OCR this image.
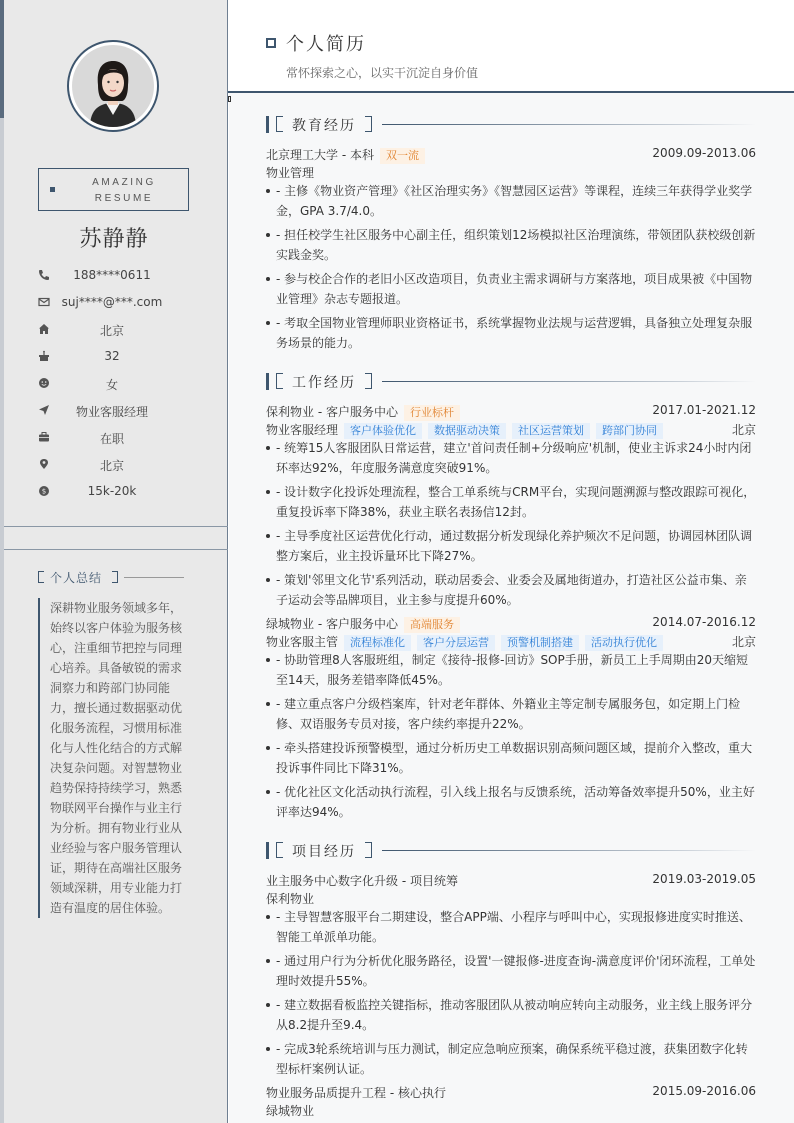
AMAZING
RESUME
苏静静
188****0611
suj****@***.com
北京
32
女
物业客服经理
在职
北京
$	15k-20k
个人总结
深耕物业服务领域多年，始终以客户体验为服务核心，注重细节把控与同理心培养。具备敏锐的需求洞察力和跨部门协同能力，擅长通过数据驱动优化服务流程，习惯用标准化与人性化结合的方式解决复杂问题。对智慧物业趋势保持持续学习，熟悉物联网平台操作与业主行为分析。拥有物业行业从业经验与客户服务管理认证，期待在高端社区服务领域深耕，用专业能力打造有温度的居住体验。
个人简历
常怀探索之心，以实干沉淀自身价值
教育经历
北京理工大学 - 本科 双一流	2009.09-2013.06
物业管理
- 主修《物业资产管理》《社区治理实务》《智慧园区运营》等课程，连续三年获得学业奖学金，GPA 3.7/4.0。
- 担任校学生社区服务中心副主任，组织策划12场模拟社区治理演练，带领团队获校级创新实践金奖。
- 参与校企合作的老旧小区改造项目，负责业主需求调研与方案落地，项目成果被《中国物业管理》杂志专题报道。
- 考取全国物业管理师职业资格证书，系统掌握物业法规与运营逻辑，具备独立处理复杂服务场景的能力。
工作经历
保利物业 - 客户服务中心 行业标杆	2017.01-2021.12
物业客服经理 客户体验优化 数据驱动决策 社区运营策划 跨部门协同	北京
- 统筹15人客服团队日常运营，建立'首问责任制+分级响应'机制，使业主诉求24小时内闭环率达92%，年度服务满意度突破91%。
- 设计数字化投诉处理流程，整合工单系统与CRM平台，实现问题溯源与整改跟踪可视化，重复投诉率下降38%，获业主联名表扬信12封。
- 主导季度社区运营优化行动，通过数据分析发现绿化养护频次不足问题，协调园林团队调整方案后，业主投诉量环比下降27%。
- 策划'邻里文化节'系列活动，联动居委会、业委会及属地街道办，打造社区公益市集、亲子运动会等品牌项目，业主参与度提升60%。
绿城物业 - 客户服务中心 高端服务	2014.07-2016.12
物业客服主管 流程标准化 客户分层运营 预警机制搭建 活动执行优化	北京
- 协助管理8人客服班组，制定《接待-报修-回访》SOP手册，新员工上手周期由20天缩短至14天，服务差错率降低45%。
- 建立重点客户分级档案库，针对老年群体、外籍业主等定制专属服务包，如定期上门检修、双语服务专员对接，客户续约率提升22%。
- 牵头搭建投诉预警模型，通过分析历史工单数据识别高频问题区域，提前介入整改，重大投诉事件同比下降31%。
- 优化社区文化活动执行流程，引入线上报名与反馈系统，活动筹备效率提升50%，业主好评率达94%。
项目经历
业主服务中心数字化升级 - 项目统筹	2019.03-2019.05
保利物业
- 主导智慧客服平台二期建设，整合APP端、小程序与呼叫中心，实现报修进度实时推送、智能工单派单功能。
- 通过用户行为分析优化服务路径，设置'一键报修-进度查询-满意度评价'闭环流程，工单处理时效提升55%。
- 建立数据看板监控关键指标，推动客服团队从被动响应转向主动服务，业主线上服务评分从8.2提升至9.4。
- 完成3轮系统培训与压力测试，制定应急响应预案，确保系统平稳过渡，获集团数字化转型标杆案例认证。
物业服务品质提升工程 - 核心执行	2015.09-2016.06
绿城物业
